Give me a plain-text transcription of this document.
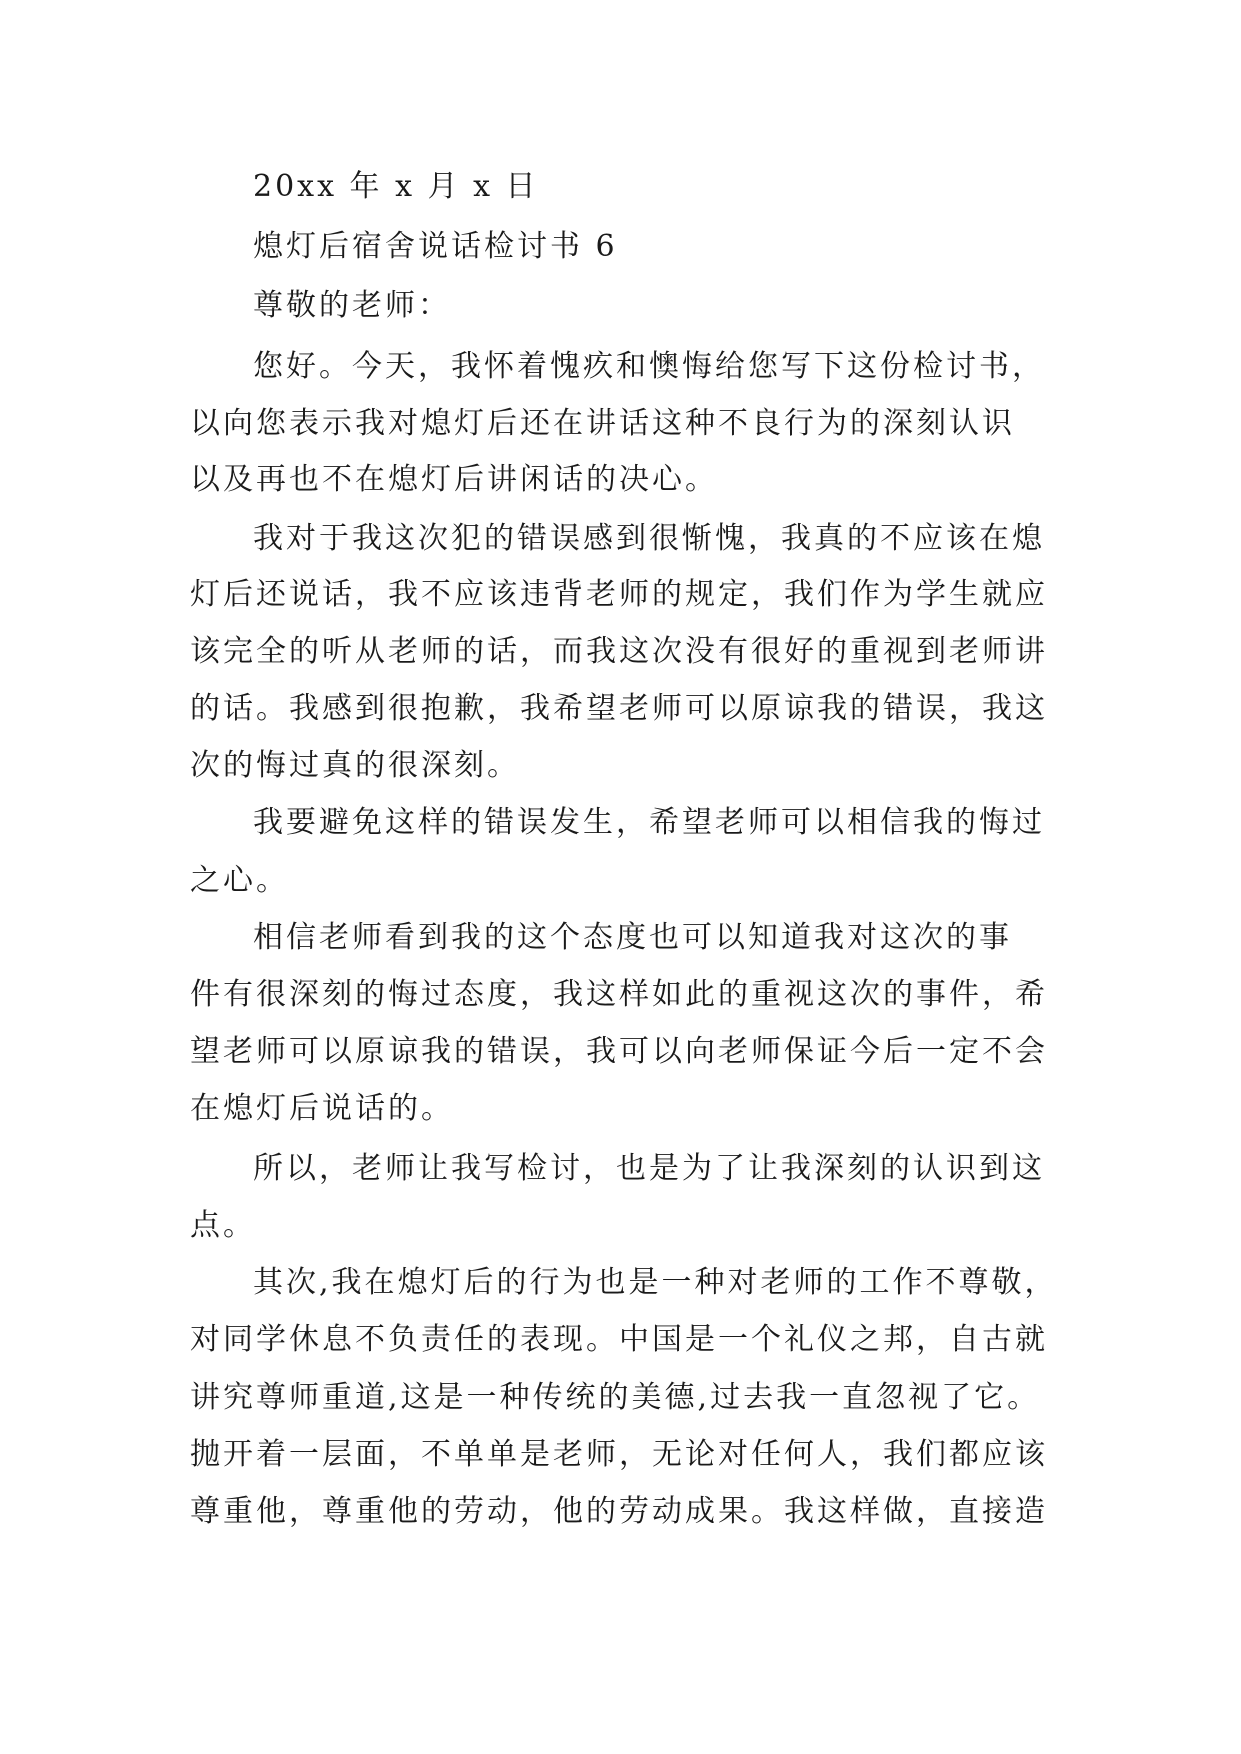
20xx 年 x 月 x 日
熄灯后宿舍说话检讨书 6
尊敬的老师：
您好。今天，我怀着愧疚和懊悔给您写下这份检讨书，
以向您表示我对熄灯后还在讲话这种不良行为的深刻认识
以及再也不在熄灯后讲闲话的决心。
我对于我这次犯的错误感到很惭愧，我真的不应该在熄
灯后还说话，我不应该违背老师的规定，我们作为学生就应
该完全的听从老师的话，而我这次没有很好的重视到老师讲
的话。我感到很抱歉，我希望老师可以原谅我的错误，我这
次的悔过真的很深刻。
我要避免这样的错误发生，希望老师可以相信我的悔过
之心。
相信老师看到我的这个态度也可以知道我对这次的事
件有很深刻的悔过态度，我这样如此的重视这次的事件，希
望老师可以原谅我的错误，我可以向老师保证今后一定不会
在熄灯后说话的。
所以，老师让我写检讨，也是为了让我深刻的认识到这
点。
其次,我在熄灯后的行为也是一种对老师的工作不尊敬，
对同学休息不负责任的表现。中国是一个礼仪之邦，自古就
讲究尊师重道,这是一种传统的美德,过去我一直忽视了它。
抛开着一层面，不单单是老师，无论对任何人，我们都应该
尊重他，尊重他的劳动，他的劳动成果。我这样做，直接造
